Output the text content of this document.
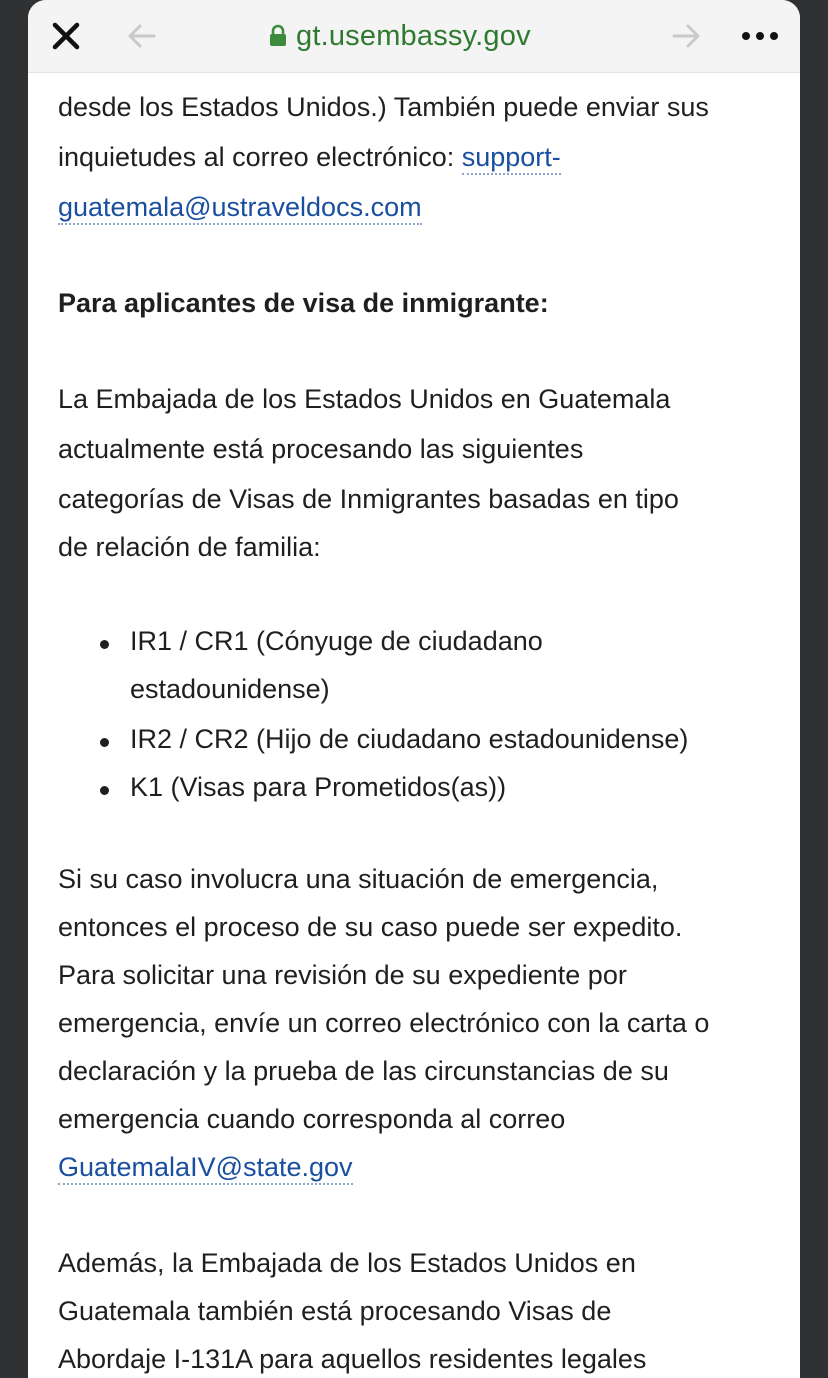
desde los Estados Unidos.) También puede enviar sus
inquietudes al correo electrónico: support-
guatemala@ustraveldocs.com
Para aplicantes de visa de inmigrante:
La Embajada de los Estados Unidos en Guatemala
actualmente está procesando las siguientes
categorías de Visas de Inmigrantes basadas en tipo
de relación de familia:
IR1 / CR1 (Cónyuge de ciudadano
estadounidense)
IR2 / CR2 (Hijo de ciudadano estadounidense)
K1 (Visas para Prometidos(as))
Si su caso involucra una situación de emergencia,
entonces el proceso de su caso puede ser expedito.
Para solicitar una revisión de su expediente por
emergencia, envíe un correo electrónico con la carta o
declaración y la prueba de las circunstancias de su
emergencia cuando corresponda al correo
GuatemalaIV@state.gov
Además, la Embajada de los Estados Unidos en
Guatemala también está procesando Visas de
Abordaje I-131A para aquellos residentes legales
gt.usembassy.gov
